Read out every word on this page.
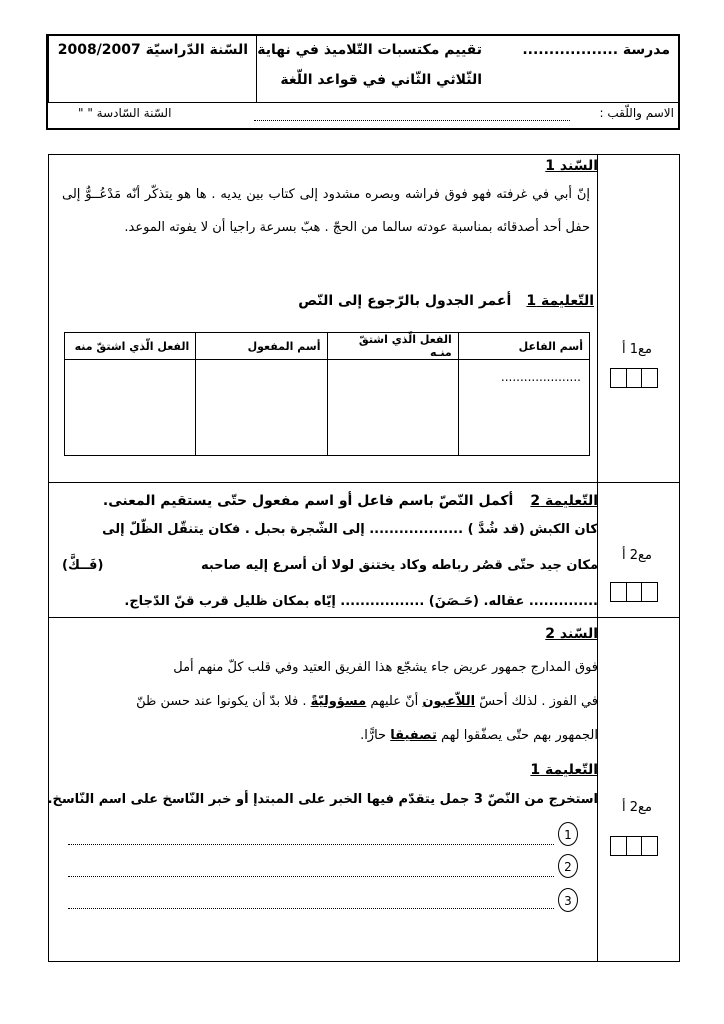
السّنة الدّراسيّة 2008/2007 تقييم مكتسبات التّلاميذ في نهاية
الثّلاثي الثّاني في قواعد اللّغة
مدرسة ..................
الاسم واللّقب :
السّنة السّادسة " "
السّند 1
إنّ أبي في غرفته فهو فوق فراشه وبصره مشدود إلى كتاب بين يديه . ها هو يتذكّر أنّه مَدْعُــوٌّ إلى حفل أحد أصدقائه بمناسبة عودته سالما من الحجّ . هبّ بسرعة راجيا أن لا يفوته الموعد.
التّعليمة 1 أعمر الجدول بالرّجوع إلى النّص
أسم الفاعل	الفعل الّذي اشتقّ منـه	أسم المفعول	الفعل الّذي اشتقّ منه
.....................			
التّعليمة 2 أكمل النّصّ باسم فاعل أو اسم مفعول حتّى يستقيم المعنى.
كان الكبش (قد شُدَّ ) ................... إلى الشّجرة بحبل . فكان يتنقّل الظّلّ إلى
مكان جيد حتّى قصُر رباطه وكاد يختنق لولا أن أسرع إليه صاحبه
(فَــكَّ)
.............. عقاله. (حَـصَنَ) ................. إيّاه بمكان ظليل قرب قنّ الدّجاج.
السّند 2
فوق المدارج جمهور عريض جاء يشجّع هذا الفريق العتيد وفي قلب كلّ منهم أمل
في الفوز . لذلك أحسّ اللاّعبون أنّ عليهم مسؤوليّةً . فلا بدّ أن يكونوا عند حسن ظنّ
الجمهور بهم حتّى يصفّقوا لهم تصفيقا حارًّا.
التّعليمة 1
استخرج من النّصّ 3 جمل يتقدّم فيها الخبر على المبتدإ أو خبر النّاسخ على اسم النّاسخ.
1
2
3
مع1 أ
مع2 أ
مع2 أ
